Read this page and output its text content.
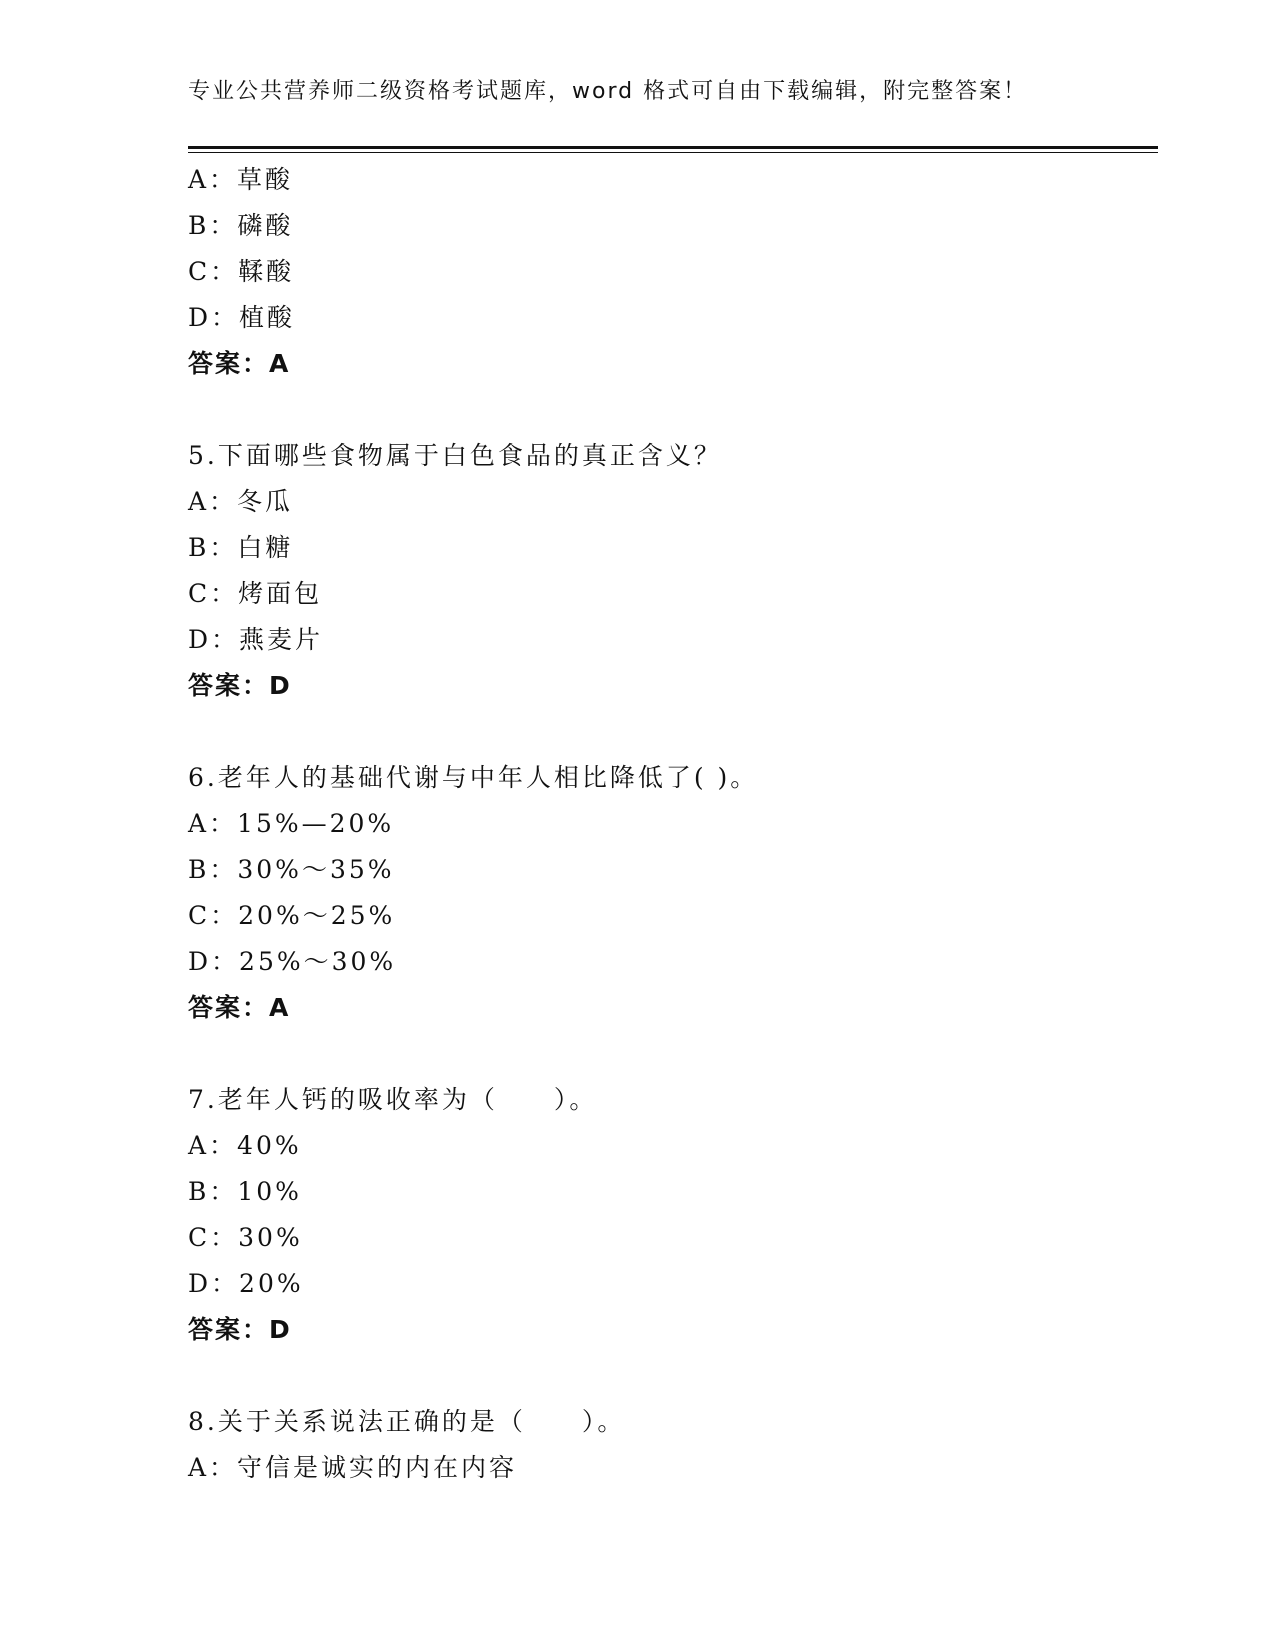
专业公共营养师二级资格考试题库，word 格式可自由下载编辑，附完整答案！
A：草酸
B：磷酸
C：鞣酸
D：植酸
答案：A
5.下面哪些食物属于白色食品的真正含义？
A：冬瓜
B：白糖
C：烤面包
D：燕麦片
答案：D
6.老年人的基础代谢与中年人相比降低了( )。
A：15%—20%
B：30%～35%
C：20%～25%
D：25%～30%
答案：A
7.老年人钙的吸收率为（　　）。
A：40%
B：10%
C：30%
D：20%
答案：D
8.关于关系说法正确的是（　　）。
A：守信是诚实的内在内容
